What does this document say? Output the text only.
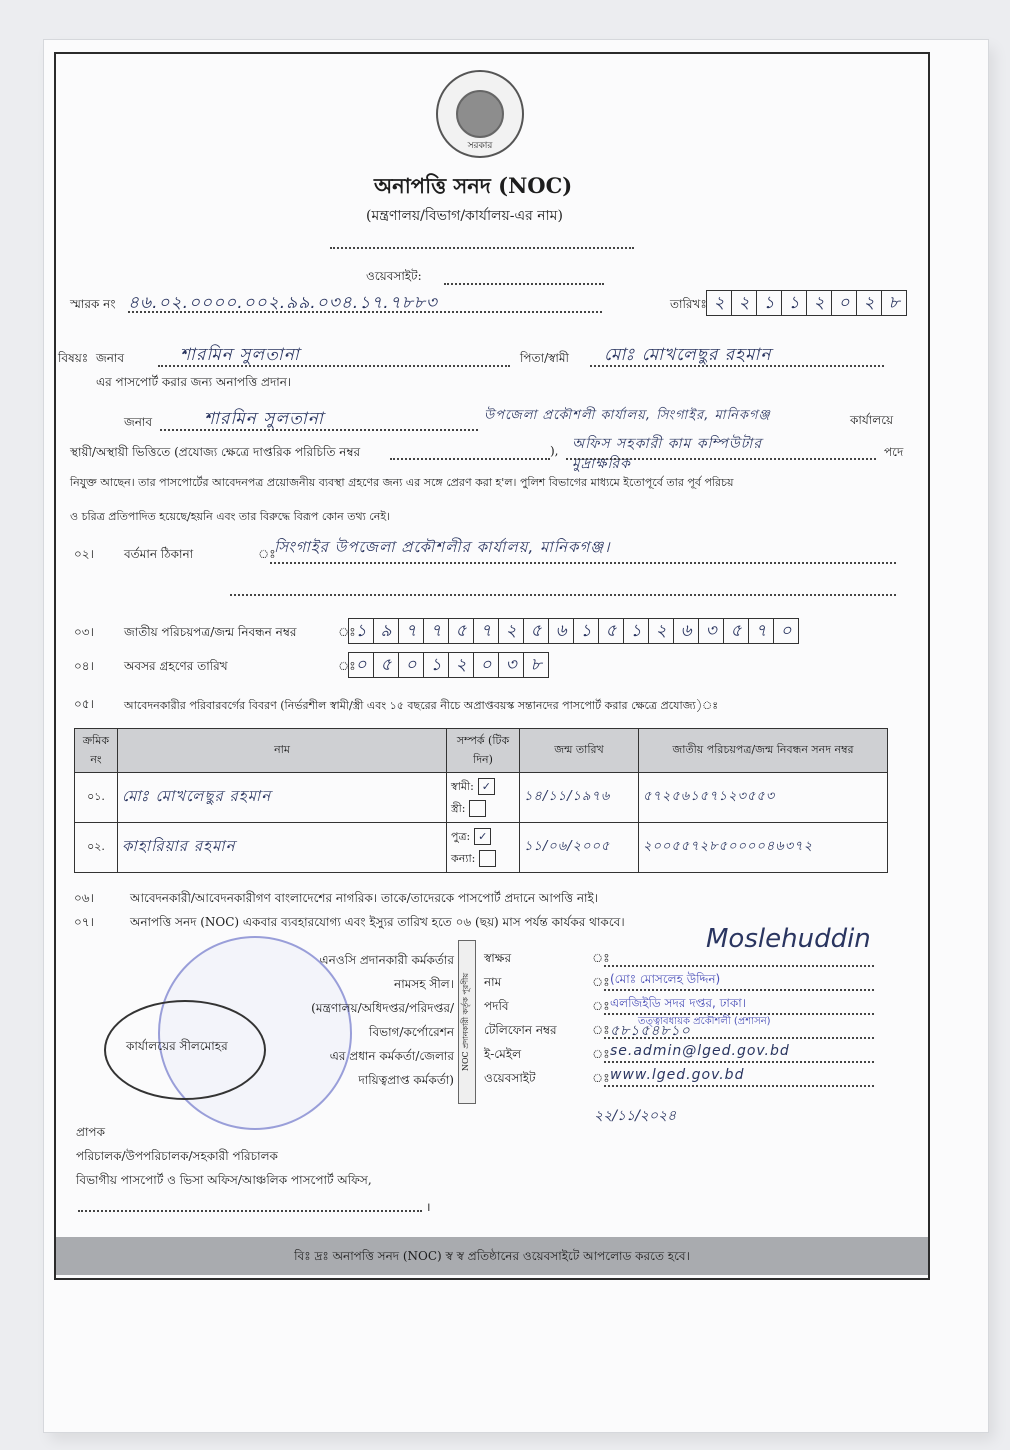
সরকার
অনাপত্তি সনদ (NOC)
(মন্ত্রণালয়/বিভাগ/কার্যালয়-এর নাম)
ওয়েবসাইট:
স্মারক নং ৪৬.০২.০০০০.০০২.৯৯.০৩৪.১৭.৭৮৮৩	তারিখঃ ২ ২ ১ ১ ২ ০ ২ ৮
বিষয়ঃ জনাব	শারমিন সুলতানা	পিতা/স্বামী মোঃ মোখলেছুর রহমান
এর পাসপোর্ট করার জন্য অনাপত্তি প্রদান।
জনাব	শারমিন সুলতানা	উপজেলা প্রকৌশলী কার্যালয়, সিংগাইর, মানিকগঞ্জ	কার্যালয়ে
স্থায়ী/অস্থায়ী ভিত্তিতে (প্রযোজ্য ক্ষেত্রে দাপ্তরিক পরিচিতি নম্বর	), অফিস সহকারী কাম কম্পিউটার মুদ্রাক্ষরিক
পদে
নিযুক্ত আছেন। তার পাসপোর্টের আবেদনপত্র প্রয়োজনীয় ব্যবস্থা গ্রহণের জন্য এর সঙ্গে প্রেরণ করা হ'ল। পুলিশ বিভাগের মাধ্যমে ইতোপূর্বে তার পূর্ব পরিচয়
ও চরিত্র প্রতিপাদিত হয়েছে/হয়নি এবং তার বিরুদ্ধে বিরূপ কোন তথ্য নেই।
০২।	বর্তমান ঠিকানা	ঃ
সিংগাইর উপজেলা প্রকৌশলীর কার্যালয়, মানিকগঞ্জ।
০৩।	জাতীয় পরিচয়পত্র/জন্ম নিবন্ধন নম্বর	ঃ ১ ৯ ৭ ৭ ৫ ৭ ২ ৫ ৬ ১ ৫ ১ ২ ৬ ৩ ৫ ৭ ০
০৪।	অবসর গ্রহণের তারিখ	ঃ ০ ৫ ০ ১ ২ ০ ৩ ৮
০৫।	আবেদনকারীর পরিবারবর্গের বিবরণ (নির্ভরশীল স্বামী/স্ত্রী এবং ১৫ বছরের নীচে অপ্রাপ্তবয়স্ক সন্তানদের পাসপোর্ট করার ক্ষেত্রে প্রযোজ্য)ঃ
ক্রমিক নং	নাম	সম্পর্ক (টিক দিন)	জন্ম তারিখ	জাতীয় পরিচয়পত্র/জন্ম নিবন্ধন সনদ নম্বর
০১.	মোঃ মোখলেছুর রহমান	স্বামী: ✓
স্ত্রী:	১৪/১১/১৯৭৬	৫৭২৫৬১৫৭১২৩৫৫৩
০২.	কাহারিয়ার রহমান	পুত্র: ✓
কন্যা:	১১/০৬/২০০৫	২০০৫৫৭২৮৫০০০০৪৬৩৭২
০৬।	আবেদনকারী/আবেদনকারীগণ বাংলাদেশের নাগরিক। তাকে/তাদেরকে পাসপোর্ট প্রদানে আপত্তি নাই।
০৭।	অনাপত্তি সনদ (NOC) একবার ব্যবহারযোগ্য এবং ইস্যুর তারিখ হতে ০৬ (ছয়) মাস পর্যন্ত কার্যকর থাকবে।
কার্যালয়ের সীলমোহর
এনওসি প্রদানকারী কর্মকর্তার
নামসহ সীল।
(মন্ত্রণালয়/অধিদপ্তর/পরিদপ্তর/
বিভাগ/কর্পোরেশন
এর প্রধান কর্মকর্তা/জেলার
দায়িত্বপ্রাপ্ত কর্মকর্তা)
NOC প্রদানকারী কর্তৃক পূরণীয়
স্বাক্ষর	ঃ
নাম	ঃ (মোঃ মোসলেহ উদ্দিন)
পদবি	ঃ এলজিইডি সদর দপ্তর, ঢাকা।
টেলিফোন নম্বর	ঃ ৫৮১৫৪৮১০
ই-মেইল	ঃ se.admin@lged.gov.bd
ওয়েবসাইট	ঃ www.lged.gov.bd
তত্ত্বাবধায়ক প্রকৌশলী (প্রশাসন)
Moslehuddin
২২/১১/২০২৪
প্রাপক
পরিচালক/উপপরিচালক/সহকারী পরিচালক
বিভাগীয় পাসপোর্ট ও ভিসা অফিস/আঞ্চলিক পাসপোর্ট অফিস,
।
বিঃ দ্রঃ অনাপত্তি সনদ (NOC) স্ব স্ব প্রতিষ্ঠানের ওয়েবসাইটে আপলোড করতে হবে।
